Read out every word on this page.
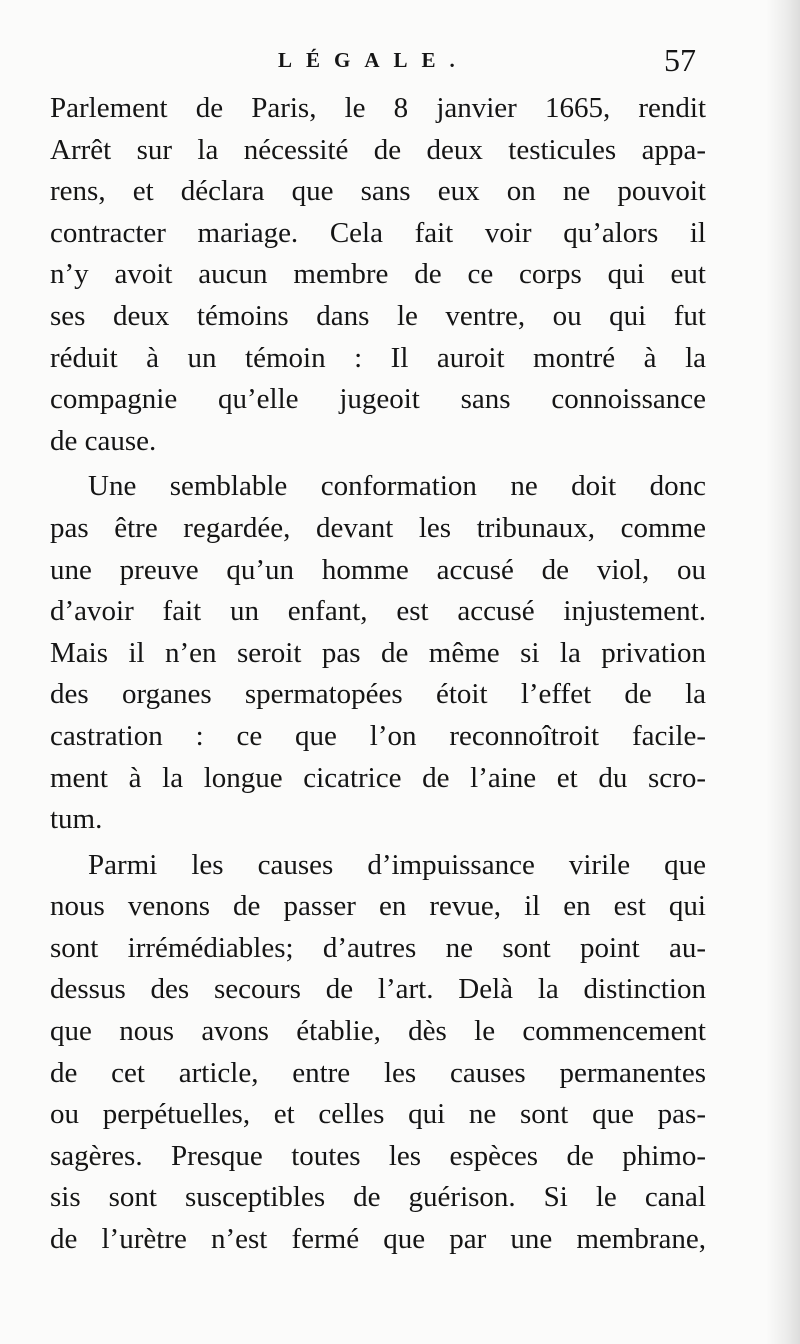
LÉGALE.	57
Parlement de Paris, le 8 janvier 1665, rendit
Arrêt sur la nécessité de deux testicules appa-
rens, et déclara que sans eux on ne pouvoit
contracter mariage. Cela fait voir qu’alors il
n’y avoit aucun membre de ce corps qui eut
ses deux témoins dans le ventre, ou qui fut
réduit à un témoin : Il auroit montré à la
compagnie qu’elle jugeoit sans connoissance
de cause.
Une semblable conformation ne doit donc
pas être regardée, devant les tribunaux, comme
une preuve qu’un homme accusé de viol, ou
d’avoir fait un enfant, est accusé injustement.
Mais il n’en seroit pas de même si la privation
des organes spermatopées étoit l’effet de la
castration : ce que l’on reconnoîtroit facile-
ment à la longue cicatrice de l’aine et du scro-
tum.
Parmi les causes d’impuissance virile que
nous venons de passer en revue, il en est qui
sont irrémédiables; d’autres ne sont point au-
dessus des secours de l’art. Delà la distinction
que nous avons établie, dès le commencement
de cet article, entre les causes permanentes
ou perpétuelles, et celles qui ne sont que pas-
sagères. Presque toutes les espèces de phimo-
sis sont susceptibles de guérison. Si le canal
de l’urètre n’est fermé que par une membrane,
